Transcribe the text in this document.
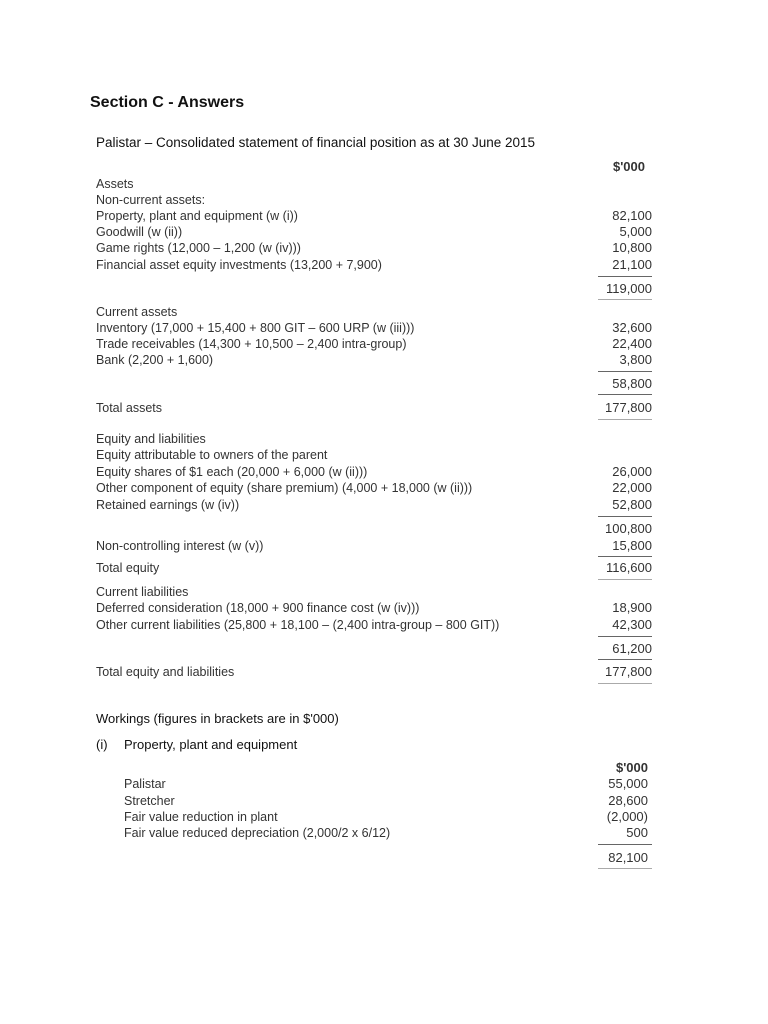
Section C - Answers
Palistar – Consolidated statement of financial position as at 30 June 2015
$'000
Assets
Non-current assets:
Property, plant and equipment (w (i))	82,100
Goodwill (w (ii))	5,000
Game rights (12,000 – 1,200 (w (iv)))	10,800
Financial asset equity investments (13,200 + 7,900)	21,100
119,000
Current assets
Inventory (17,000 + 15,400 + 800 GIT – 600 URP (w (iii)))	32,600
Trade receivables (14,300 + 10,500 – 2,400 intra-group)	22,400
Bank (2,200 + 1,600)	3,800
58,800
Total assets	177,800
Equity and liabilities
Equity attributable to owners of the parent
Equity shares of $1 each (20,000 + 6,000 (w (ii)))	26,000
Other component of equity (share premium) (4,000 + 18,000 (w (ii)))	22,000
Retained earnings (w (iv))	52,800
100,800
Non-controlling interest (w (v))	15,800
Total equity	116,600
Current liabilities
Deferred consideration (18,000 + 900 finance cost (w (iv)))	18,900
Other current liabilities (25,800 + 18,100 – (2,400 intra-group – 800 GIT))	42,300
61,200
Total equity and liabilities	177,800
Workings (figures in brackets are in $'000)
(i) Property, plant and equipment
$'000
Palistar	55,000
Stretcher	28,600
Fair value reduction in plant	(2,000)
Fair value reduced depreciation (2,000/2 x 6/12)	500
82,100
